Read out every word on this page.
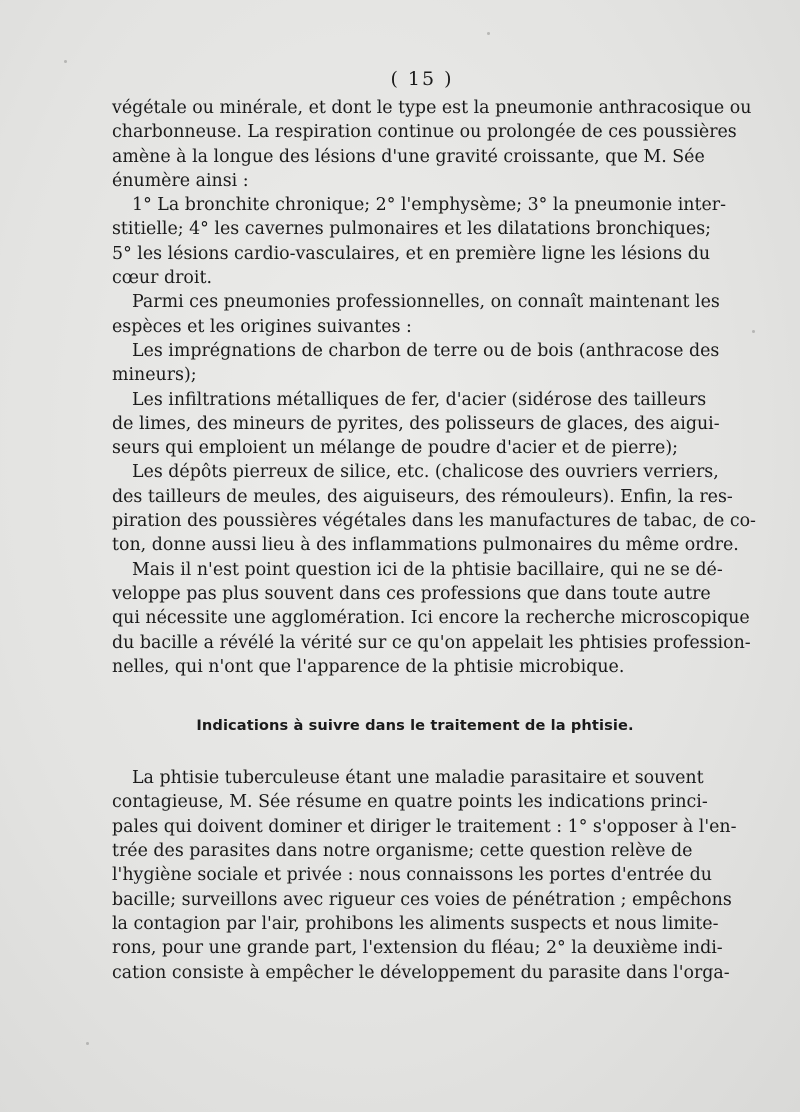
( 15 )

végétale ou minérale, et dont le type est la pneumonie anthracosique ou
charbonneuse. La respiration continue ou prolongée de ces poussières
amène à la longue des lésions d'une gravité croissante, que M. Sée
énumère ainsi :

1° La bronchite chronique; 2° l'emphysème; 3° la pneumonie inter-
stitielle; 4° les cavernes pulmonaires et les dilatations bronchiques;
5° les lésions cardio-vasculaires, et en première ligne les lésions du
cœur droit.

Parmi ces pneumonies professionnelles, on connaît maintenant les
espèces et les origines suivantes :

Les imprégnations de charbon de terre ou de bois (anthracose des
mineurs);

Les infiltrations métalliques de fer, d'acier (sidérose des tailleurs
de limes, des mineurs de pyrites, des polisseurs de glaces, des aigui-
seurs qui emploient un mélange de poudre d'acier et de pierre);

Les dépôts pierreux de silice, etc. (chalicose des ouvriers verriers,
des tailleurs de meules, des aiguiseurs, des rémouleurs). Enfin, la res-
piration des poussières végétales dans les manufactures de tabac, de co-
ton, donne aussi lieu à des inflammations pulmonaires du même ordre.

Mais il n'est point question ici de la phtisie bacillaire, qui ne se dé-
veloppe pas plus souvent dans ces professions que dans toute autre
qui nécessite une agglomération. Ici encore la recherche microscopique
du bacille a révélé la vérité sur ce qu'on appelait les phtisies profession-
nelles, qui n'ont que l'apparence de la phtisie microbique.

Indications à suivre dans le traitement de la phtisie.

La phtisie tuberculeuse étant une maladie parasitaire et souvent
contagieuse, M. Sée résume en quatre points les indications princi-
pales qui doivent dominer et diriger le traitement : 1° s'opposer à l'en-
trée des parasites dans notre organisme; cette question relève de
l'hygiène sociale et privée : nous connaissons les portes d'entrée du
bacille; surveillons avec rigueur ces voies de pénétration ; empêchons
la contagion par l'air, prohibons les aliments suspects et nous limite-
rons, pour une grande part, l'extension du fléau; 2° la deuxième indi-
cation consiste à empêcher le développement du parasite dans l'orga-
